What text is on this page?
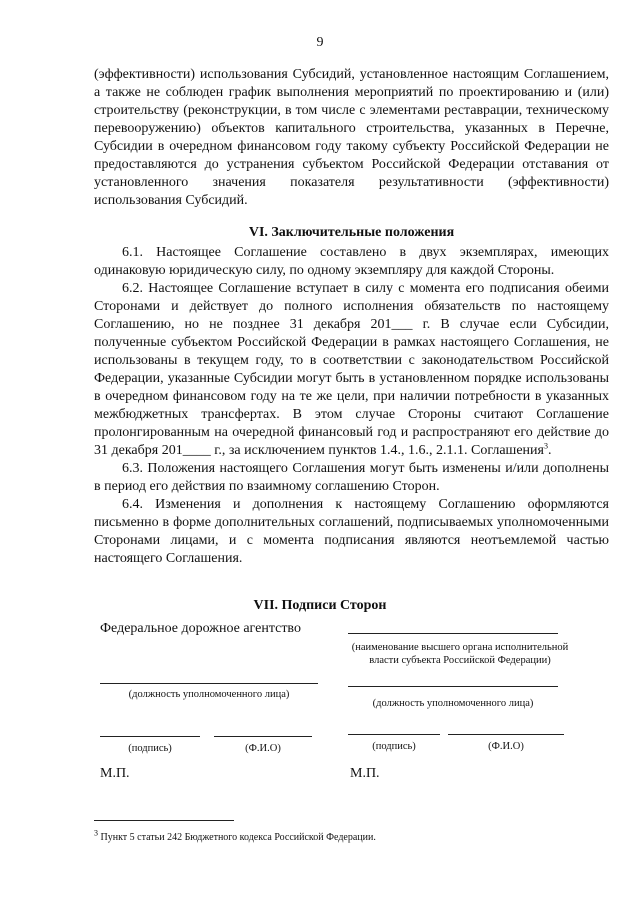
9

(эффективности) использования Субсидий, установленное настоящим Соглашением, а также не соблюден график выполнения мероприятий по проектированию и (или) строительству (реконструкции, в том числе с элементами реставрации, техническому перевооружению) объектов капитального строительства, указанных в Перечне, Субсидии в очередном финансовом году такому субъекту Российской Федерации не предоставляются до устранения субъектом Российской Федерации отставания от установленного значения показателя результативности (эффективности) использования Субсидий.

VI. Заключительные положения

6.1. Настоящее Соглашение составлено в двух экземплярах, имеющих одинаковую юридическую силу, по одному экземпляру для каждой Стороны.

6.2. Настоящее Соглашение вступает в силу с момента его подписания обеими Сторонами и действует до полного исполнения обязательств по настоящему Соглашению, но не позднее 31 декабря 201___ г. В случае если Субсидии, полученные субъектом Российской Федерации в рамках настоящего Соглашения, не использованы в текущем году, то в соответствии с законодательством Российской Федерации, указанные Субсидии могут быть в установленном порядке использованы в очередном финансовом году на те же цели, при наличии потребности в указанных межбюджетных трансфертах. В этом случае Стороны считают Соглашение пролонгированным на очередной финансовый год и распространяют его действие до 31 декабря 201____ г., за исключением пунктов 1.4., 1.6., 2.1.1. Соглашения$^3$.

6.3. Положения настоящего Соглашения могут быть изменены и/или дополнены в период его действия по взаимному соглашению Сторон.

6.4. Изменения и дополнения к настоящему Соглашению оформляются письменно в форме дополнительных соглашений, подписываемых уполномоченными Сторонами лицами, и с момента подписания являются неотъемлемой частью настоящего Соглашения.

VII. Подписи Сторон
Федеральное дорожное агентство
(наименование высшего органа исполнительной власти субъекта Российской Федерации)
(должность уполномоченного лица)
(должность уполномоченного лица)
(подпись)	(Ф.И.О)	(подпись)	(Ф.И.О)
М.П.	М.П.
$^3$ Пункт 5 статьи 242 Бюджетного кодекса Российской Федерации.
